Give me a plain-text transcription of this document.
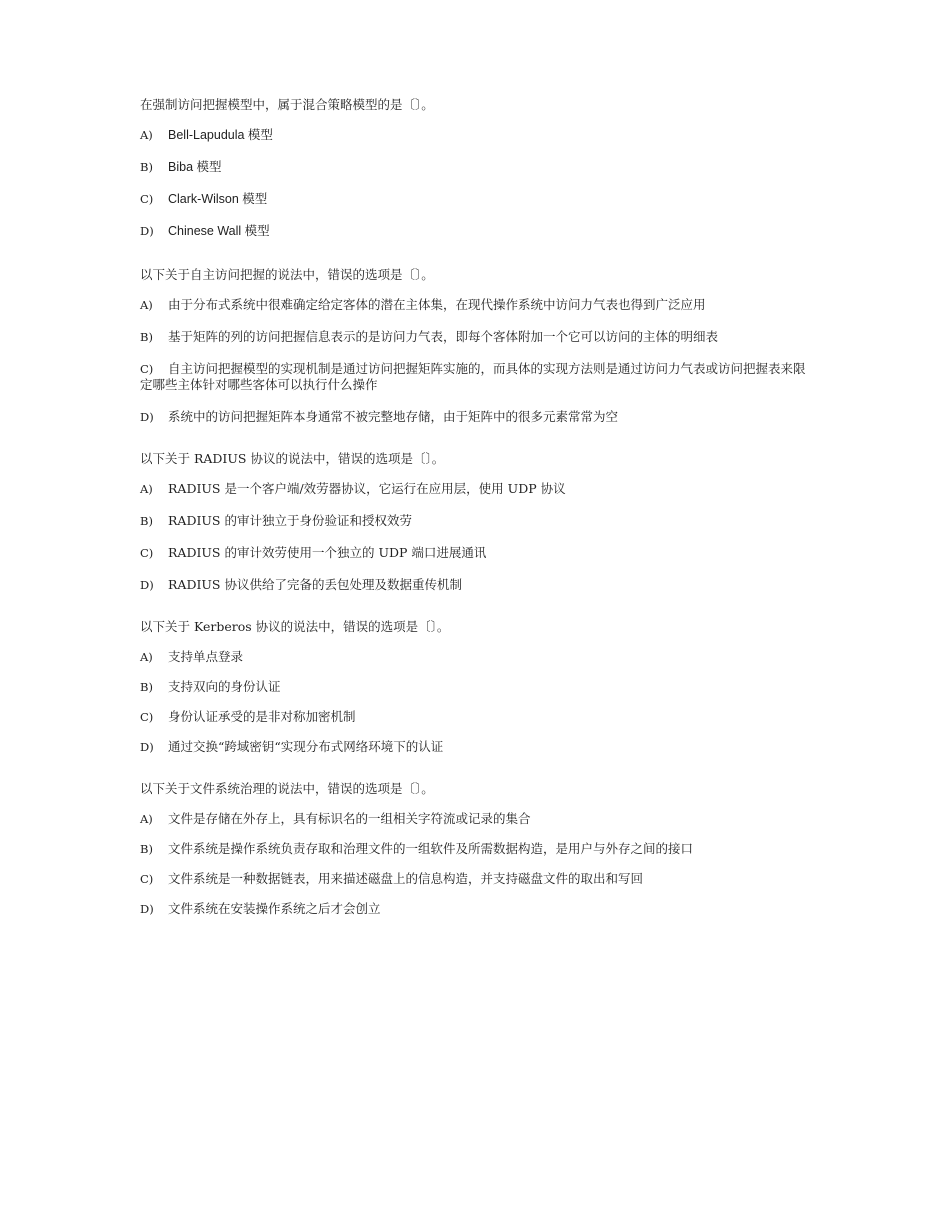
在强制访问把握模型中，属于混合策略模型的是〔〕。

A) Bell-Lapudula 模型
B) Biba 模型
C) Clark-Wilson 模型
D) Chinese Wall 模型

以下关于自主访问把握的说法中，错误的选项是〔〕。

A) 由于分布式系统中很难确定给定客体的潜在主体集，在现代操作系统中访问力气表也得到广泛应用
B) 基于矩阵的列的访问把握信息表示的是访问力气表，即每个客体附加一个它可以访问的主体的明细表
C) 自主访问把握模型的实现机制是通过访问把握矩阵实施的，而具体的实现方法则是通过访问力气表或访问把握表来限定哪些主体针对哪些客体可以执行什么操作
D) 系统中的访问把握矩阵本身通常不被完整地存储，由于矩阵中的很多元素常常为空

以下关于 RADIUS 协议的说法中，错误的选项是〔〕。

A) RADIUS 是一个客户端/效劳器协议，它运行在应用层，使用 UDP 协议
B) RADIUS 的审计独立于身份验证和授权效劳
C) RADIUS 的审计效劳使用一个独立的 UDP 端口进展通讯
D) RADIUS 协议供给了完备的丢包处理及数据重传机制

以下关于 Kerberos 协议的说法中，错误的选项是〔〕。

A) 支持单点登录
B) 支持双向的身份认证
C) 身份认证承受的是非对称加密机制
D) 通过交换“跨域密钥“实现分布式网络环境下的认证

以下关于文件系统治理的说法中，错误的选项是〔〕。

A) 文件是存储在外存上，具有标识名的一组相关字符流或记录的集合
B) 文件系统是操作系统负责存取和治理文件的一组软件及所需数据构造，是用户与外存之间的接口
C) 文件系统是一种数据链表，用来描述磁盘上的信息构造，并支持磁盘文件的取出和写回
D) 文件系统在安装操作系统之后才会创立
